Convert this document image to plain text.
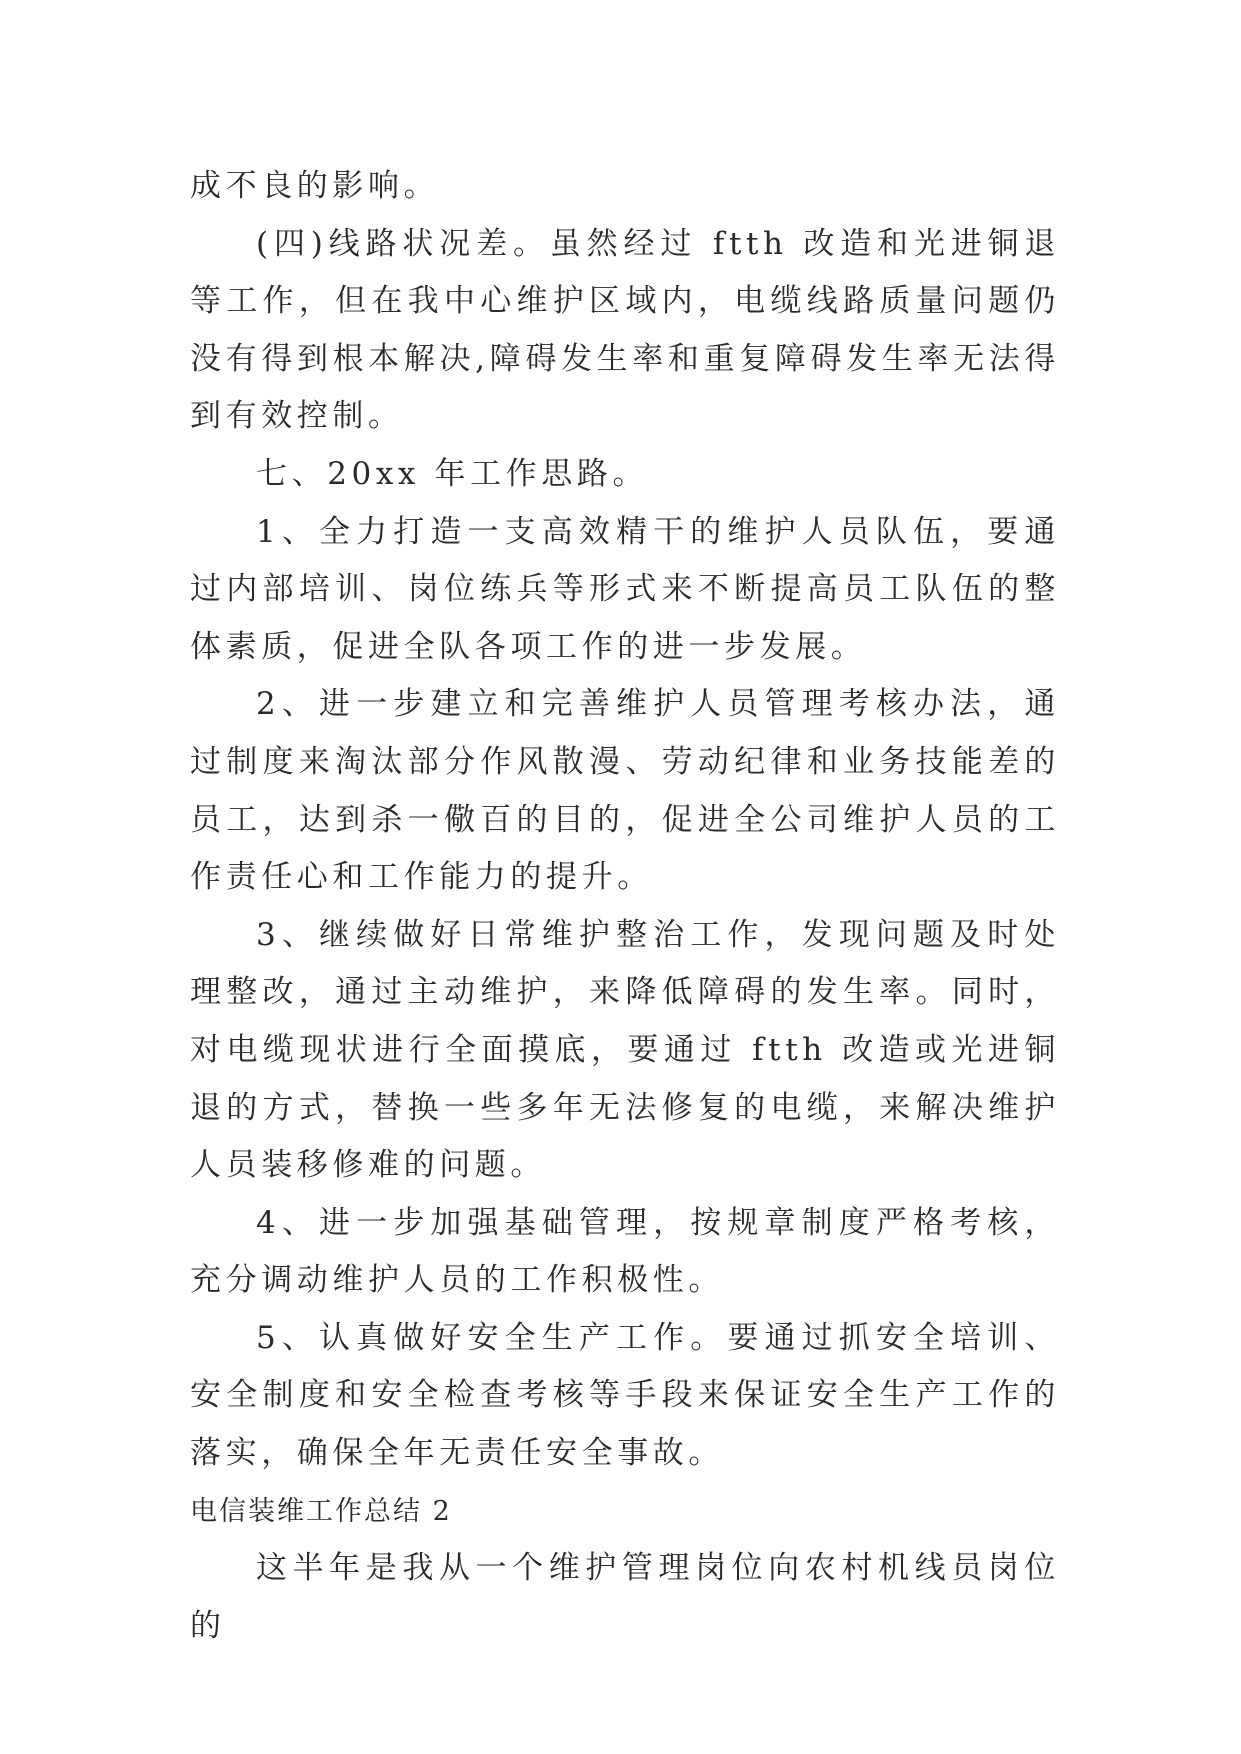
成不良的影响。

(四)线路状况差。虽然经过 ftth 改造和光进铜退等工作，但在我中心维护区域内，电缆线路质量问题仍没有得到根本解决,障碍发生率和重复障碍发生率无法得到有效控制。

七、20xx 年工作思路。

1、全力打造一支高效精干的维护人员队伍，要通过内部培训、岗位练兵等形式来不断提高员工队伍的整体素质，促进全队各项工作的进一步发展。

2、进一步建立和完善维护人员管理考核办法，通过制度来淘汰部分作风散漫、劳动纪律和业务技能差的员工，达到杀一儆百的目的，促进全公司维护人员的工作责任心和工作能力的提升。

3、继续做好日常维护整治工作，发现问题及时处理整改，通过主动维护，来降低障碍的发生率。同时，对电缆现状进行全面摸底，要通过 ftth 改造或光进铜退的方式，替换一些多年无法修复的电缆，来解决维护人员装移修难的问题。

4、进一步加强基础管理，按规章制度严格考核，充分调动维护人员的工作积极性。

5、认真做好安全生产工作。要通过抓安全培训、安全制度和安全检查考核等手段来保证安全生产工作的落实，确保全年无责任安全事故。

电信装维工作总结 2

这半年是我从一个维护管理岗位向农村机线员岗位的
